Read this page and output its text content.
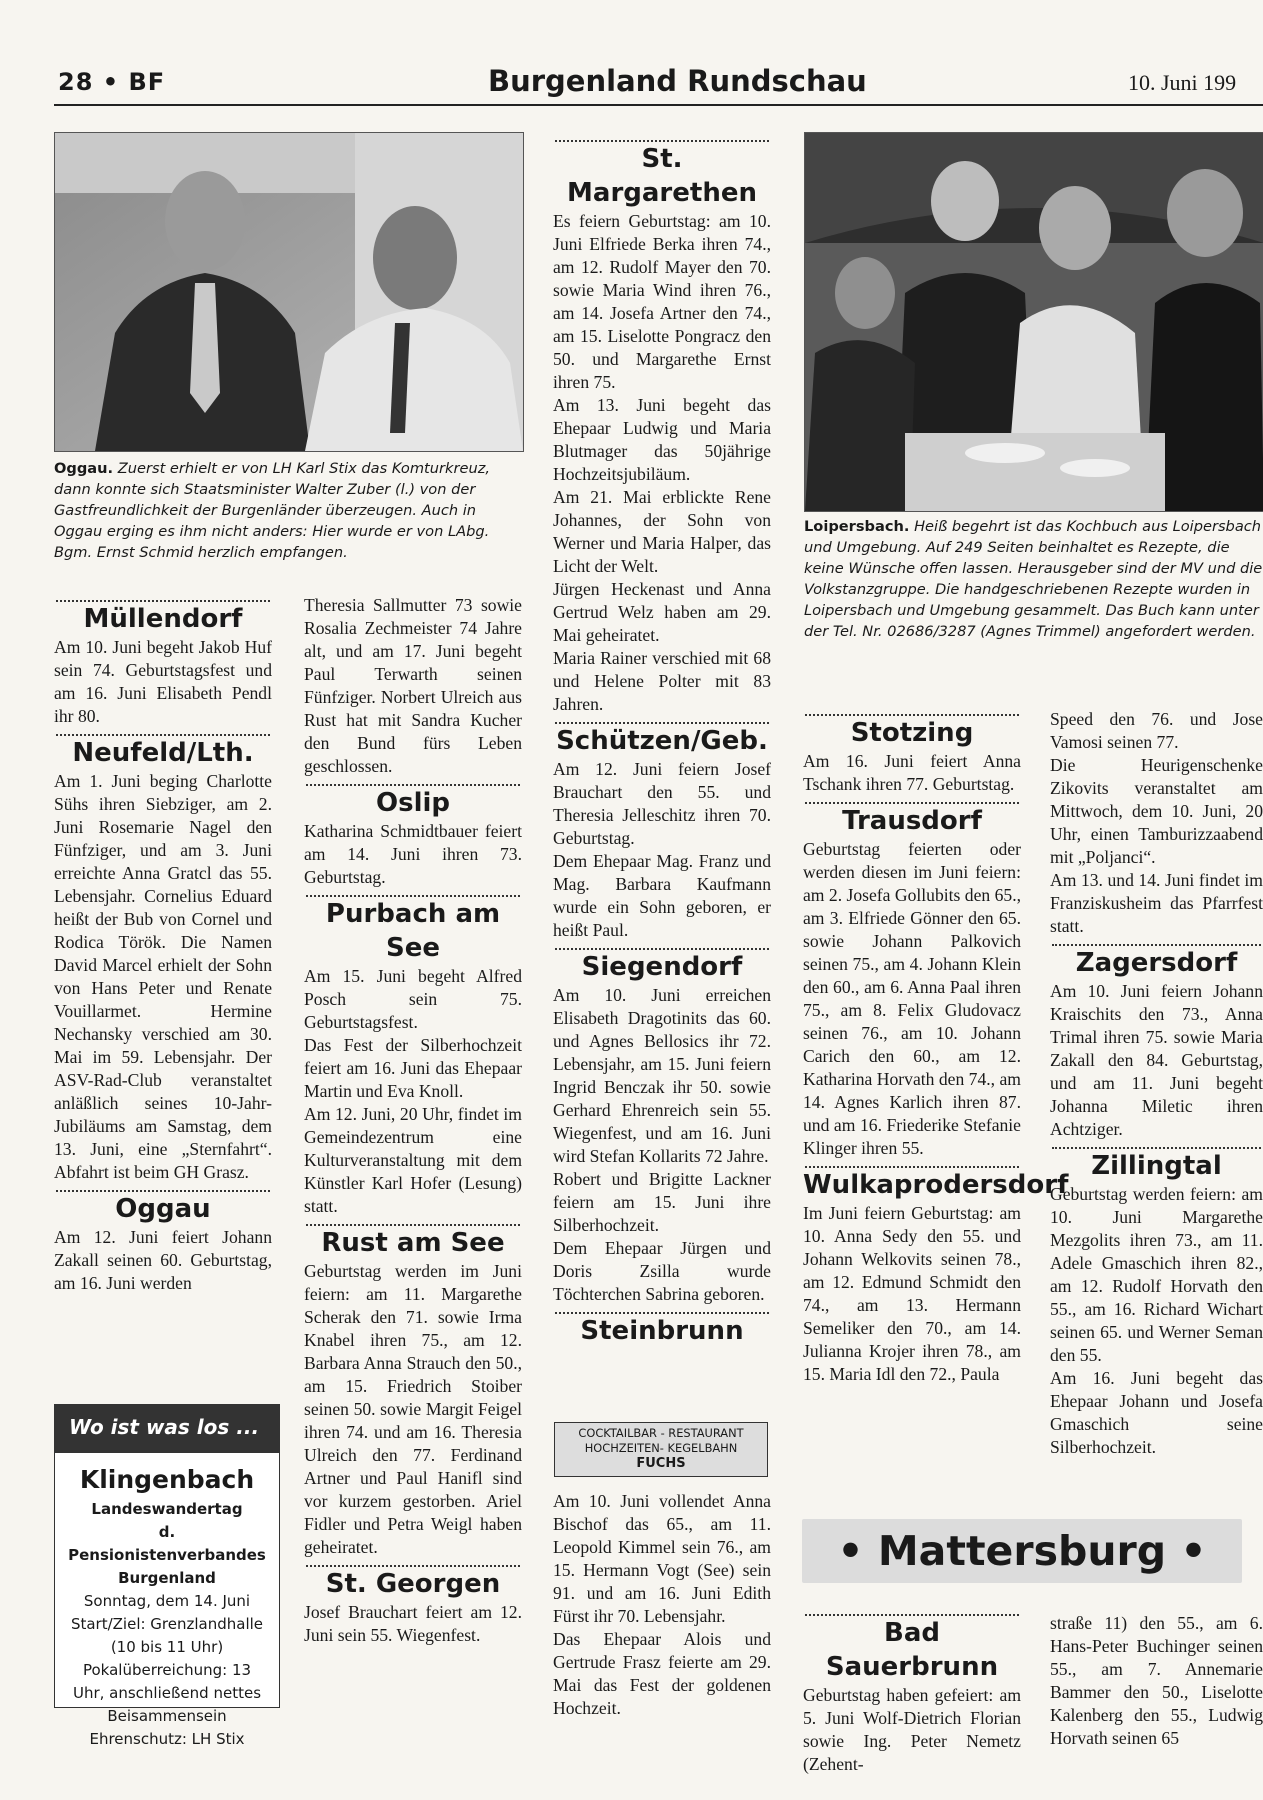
28 • BF	Burgenland Rundschau	10. Juni 199
Oggau. Zuerst erhielt er von LH Karl Stix das Komturkreuz, dann konnte sich Staatsminister Walter Zuber (l.) von der Gastfreundlichkeit der Burgenländer überzeugen. Auch in Oggau erging es ihm nicht anders: Hier wurde er von LAbg. Bgm. Ernst Schmid herzlich empfangen.
Loipersbach. Heiß begehrt ist das Kochbuch aus Loipersbach und Umgebung. Auf 249 Seiten beinhaltet es Rezepte, die keine Wünsche offen lassen. Herausgeber sind der MV und die Volkstanzgruppe. Die handgeschriebenen Rezepte wurden in Loipersbach und Umgebung gesammelt. Das Buch kann unter der Tel. Nr. 02686/3287 (Agnes Trimmel) angefordert werden.
Müllendorf

Am 10. Juni begeht Jakob Huf sein 74. Geburtstagsfest und am 16. Juni Elisabeth Pendl ihr 80.

Neufeld/Lth.

Am 1. Juni beging Charlotte Sühs ihren Siebziger, am 2. Juni Rosemarie Nagel den Fünfziger, und am 3. Juni erreichte Anna Gratcl das 55. Lebensjahr. Cornelius Eduard heißt der Bub von Cornel und Rodica Török. Die Namen David Marcel erhielt der Sohn von Hans Peter und Renate Vouillarmet. Hermine Nechansky verschied am 30. Mai im 59. Lebensjahr. Der ASV-Rad-Club veranstaltet anläßlich seines 10-Jahr-Jubiläums am Samstag, dem 13. Juni, eine „Sternfahrt“. Abfahrt ist beim GH Grasz.

Oggau

Am 12. Juni feiert Johann Zakall seinen 60. Geburtstag, am 16. Juni werden

Wo ist was los ...
Klingenbach
Landeswandertag
d. Pensionistenverbandes Burgenland
Sonntag, dem 14. Juni
Start/Ziel: Grenzlandhalle (10 bis 11 Uhr)
Pokalüberreichung: 13 Uhr, anschließend nettes Beisammensein
Ehrenschutz: LH Stix

Theresia Sallmutter 73 sowie Rosalia Zechmeister 74 Jahre alt, und am 17. Juni begeht Paul Terwarth seinen Fünfziger. Norbert Ulreich aus Rust hat mit Sandra Kucher den Bund fürs Leben geschlossen.

Oslip

Katharina Schmidtbauer feiert am 14. Juni ihren 73. Geburtstag.

Purbach am See

Am 15. Juni begeht Alfred Posch sein 75. Geburtstagsfest.

Das Fest der Silberhochzeit feiert am 16. Juni das Ehepaar Martin und Eva Knoll.

Am 12. Juni, 20 Uhr, findet im Gemeindezentrum eine Kulturveranstaltung mit dem Künstler Karl Hofer (Lesung) statt.

Rust am See

Geburtstag werden im Juni feiern: am 11. Margarethe Scherak den 71. sowie Irma Knabel ihren 75., am 12. Barbara Anna Strauch den 50., am 15. Friedrich Stoiber seinen 50. sowie Margit Feigel ihren 74. und am 16. Theresia Ulreich den 77. Ferdinand Artner und Paul Hanifl sind vor kurzem gestorben. Ariel Fidler und Petra Weigl haben geheiratet.

St. Georgen

Josef Brauchart feiert am 12. Juni sein 55. Wiegenfest.

St. Margarethen

Es feiern Geburtstag: am 10. Juni Elfriede Berka ihren 74., am 12. Rudolf Mayer den 70. sowie Maria Wind ihren 76., am 14. Josefa Artner den 74., am 15. Liselotte Pongracz den 50. und Margarethe Ernst ihren 75.

Am 13. Juni begeht das Ehepaar Ludwig und Maria Blutmager das 50jährige Hochzeitsjubiläum.

Am 21. Mai erblickte Rene Johannes, der Sohn von Werner und Maria Halper, das Licht der Welt.

Jürgen Heckenast und Anna Gertrud Welz haben am 29. Mai geheiratet.

Maria Rainer verschied mit 68 und Helene Polter mit 83 Jahren.

Schützen/Geb.

Am 12. Juni feiern Josef Brauchart den 55. und Theresia Jelleschitz ihren 70. Geburtstag.

Dem Ehepaar Mag. Franz und Mag. Barbara Kaufmann wurde ein Sohn geboren, er heißt Paul.

Siegendorf

Am 10. Juni erreichen Elisabeth Dragotinits das 60. und Agnes Bellosics ihr 72. Lebensjahr, am 15. Juni feiern Ingrid Benczak ihr 50. sowie Gerhard Ehrenreich sein 55. Wiegenfest, und am 16. Juni wird Stefan Kollarits 72 Jahre.

Robert und Brigitte Lackner feiern am 15. Juni ihre Silberhochzeit.

Dem Ehepaar Jürgen und Doris Zsilla wurde Töchterchen Sabrina geboren.

Steinbrunn
COCKTAILBAR - RESTAURANT
HOCHZEITEN- KEGELBAHN
FUCHS

Am 10. Juni vollendet Anna Bischof das 65., am 11. Leopold Kimmel sein 76., am 15. Hermann Vogt (See) sein 91. und am 16. Juni Edith Fürst ihr 70. Lebensjahr.

Das Ehepaar Alois und Gertrude Frasz feierte am 29. Mai das Fest der goldenen Hochzeit.

Stotzing

Am 16. Juni feiert Anna Tschank ihren 77. Geburtstag.

Trausdorf

Geburtstag feierten oder werden diesen im Juni feiern: am 2. Josefa Gollubits den 65., am 3. Elfriede Gönner den 65. sowie Johann Palkovich seinen 75., am 4. Johann Klein den 60., am 6. Anna Paal ihren 75., am 8. Felix Gludovacz seinen 76., am 10. Johann Carich den 60., am 12. Katharina Horvath den 74., am 14. Agnes Karlich ihren 87. und am 16. Friederike Stefanie Klinger ihren 55.

Wulkaprodersdorf

Im Juni feiern Geburtstag: am 10. Anna Sedy den 55. und Johann Welkovits seinen 78., am 12. Edmund Schmidt den 74., am 13. Hermann Semeliker den 70., am 14. Julianna Krojer ihren 78., am 15. Maria Idl den 72., Paula

Speed den 76. und Jose Vamosi seinen 77.

Die Heurigenschenke Zikovits veranstaltet am Mittwoch, dem 10. Juni, 20 Uhr, einen Tamburizzaabend mit „Poljanci“.

Am 13. und 14. Juni findet im Franziskusheim das Pfarrfest statt.

Zagersdorf

Am 10. Juni feiern Johann Kraischits den 73., Anna Trimal ihren 75. sowie Maria Zakall den 84. Geburtstag, und am 11. Juni begeht Johanna Miletic ihren Achtziger.

Zillingtal

Geburtstag werden feiern: am 10. Juni Margarethe Mezgolits ihren 73., am 11. Adele Gmaschich ihren 82., am 12. Rudolf Horvath den 55., am 16. Richard Wichart seinen 65. und Werner Seman den 55.

Am 16. Juni begeht das Ehepaar Johann und Josefa Gmaschich seine Silberhochzeit.

• Mattersburg •
Bad Sauerbrunn

Geburtstag haben gefeiert: am 5. Juni Wolf-Dietrich Florian sowie Ing. Peter Nemetz (Zehent-

straße 11) den 55., am 6. Hans-Peter Buchinger seinen 55., am 7. Annemarie Bammer den 50., Liselotte Kalenberg den 55., Ludwig Horvath seinen 65
